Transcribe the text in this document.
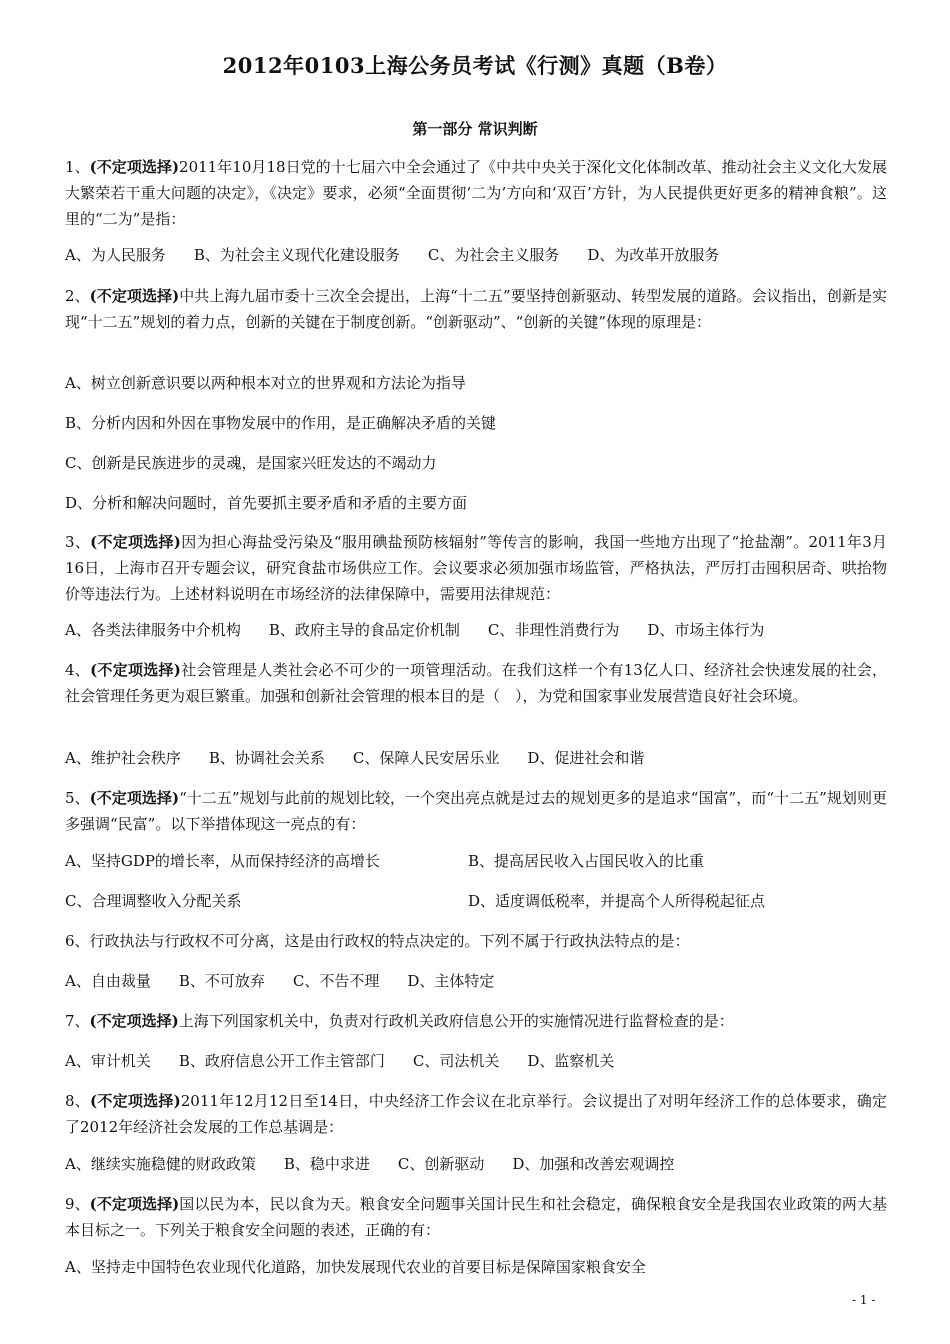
2012年0103上海公务员考试《行测》真题（B卷）
第一部分 常识判断
1、(不定项选择)2011年10月18日党的十七届六中全会通过了《中共中央关于深化文化体制改革、推动社会主义文化大发展大繁荣若干重大问题的决定》，《决定》要求，必须“全面贯彻‘二为’方向和‘双百’方针，为人民提供更好更多的精神食粮”。这里的“二为”是指：
A、为人民服务 B、为社会主义现代化建设服务 C、为社会主义服务 D、为改革开放服务
2、(不定项选择)中共上海九届市委十三次全会提出，上海“十二五”要坚持创新驱动、转型发展的道路。会议指出，创新是实现“十二五”规划的着力点，创新的关键在于制度创新。“创新驱动”、“创新的关键”体现的原理是：
A、树立创新意识要以两种根本对立的世界观和方法论为指导
B、分析内因和外因在事物发展中的作用，是正确解决矛盾的关键
C、创新是民族进步的灵魂，是国家兴旺发达的不竭动力
D、分析和解决问题时，首先要抓主要矛盾和矛盾的主要方面
3、(不定项选择)因为担心海盐受污染及“服用碘盐预防核辐射”等传言的影响，我国一些地方出现了“抢盐潮”。2011年3月16日，上海市召开专题会议，研究食盐市场供应工作。会议要求必须加强市场监管，严格执法，严厉打击囤积居奇、哄抬物价等违法行为。上述材料说明在市场经济的法律保障中，需要用法律规范：
A、各类法律服务中介机构 B、政府主导的食品定价机制 C、非理性消费行为 D、市场主体行为
4、(不定项选择)社会管理是人类社会必不可少的一项管理活动。在我们这样一个有13亿人口、经济社会快速发展的社会，社会管理任务更为艰巨繁重。加强和创新社会管理的根本目的是（　），为党和国家事业发展营造良好社会环境。
A、维护社会秩序 B、协调社会关系 C、保障人民安居乐业 D、促进社会和谐
5、(不定项选择)“十二五”规划与此前的规划比较，一个突出亮点就是过去的规划更多的是追求“国富”，而“十二五”规划则更多强调“民富”。以下举措体现这一亮点的有：
A、坚持GDP的增长率，从而保持经济的高增长	B、提高居民收入占国民收入的比重
C、合理调整收入分配关系	D、适度调低税率，并提高个人所得税起征点
6、行政执法与行政权不可分离，这是由行政权的特点决定的。下列不属于行政执法特点的是：
A、自由裁量 B、不可放弃 C、不告不理 D、主体特定
7、(不定项选择)上海下列国家机关中，负责对行政机关政府信息公开的实施情况进行监督检查的是：
A、审计机关 B、政府信息公开工作主管部门 C、司法机关 D、监察机关
8、(不定项选择)2011年12月12日至14日，中央经济工作会议在北京举行。会议提出了对明年经济工作的总体要求，确定了2012年经济社会发展的工作总基调是：
A、继续实施稳健的财政政策 B、稳中求进 C、创新驱动 D、加强和改善宏观调控
9、(不定项选择)国以民为本，民以食为天。粮食安全问题事关国计民生和社会稳定，确保粮食安全是我国农业政策的两大基本目标之一。下列关于粮食安全问题的表述，正确的有：
A、坚持走中国特色农业现代化道路，加快发展现代农业的首要目标是保障国家粮食安全
- 1 -
